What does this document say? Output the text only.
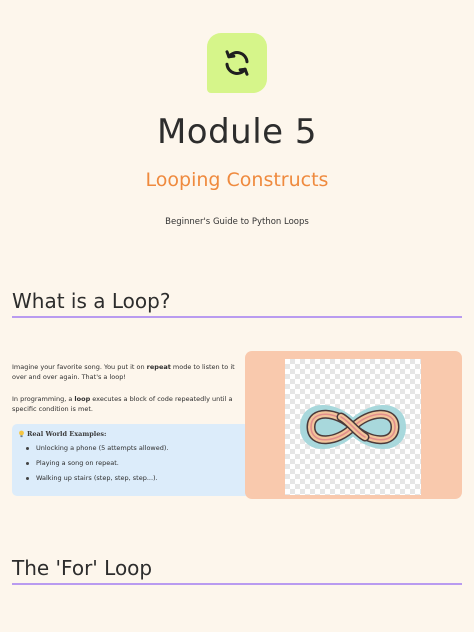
Module 5
Looping Constructs
Beginner's Guide to Python Loops
What is a Loop?
Imagine your favorite song. You put it on repeat mode to listen to it over and over again. That's a loop!
In programming, a loop executes a block of code repeatedly until a specific condition is met.
Real World Examples:
Unlocking a phone (5 attempts allowed).
Playing a song on repeat.
Walking up stairs (step, step, step...).
The 'For' Loop
